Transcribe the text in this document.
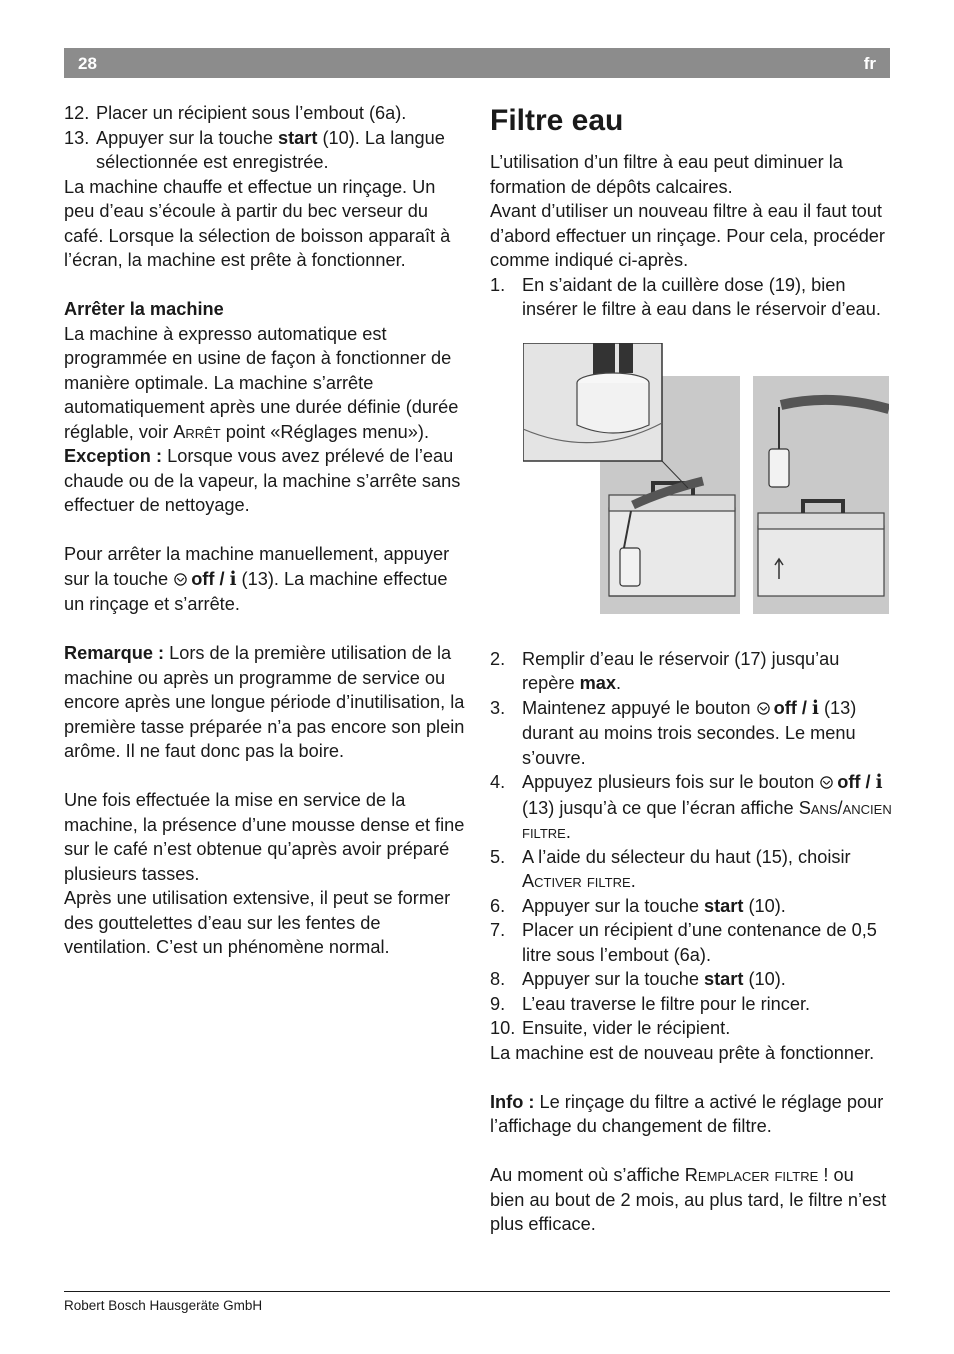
28	fr
12. Placer un récipient sous l’embout (6a).
13. Appuyer sur la touche start (10). La langue sélectionnée est enregistrée.

La machine chauffe et effectue un rinçage. Un peu d’eau s’écoule à partir du bec verseur du café. Lorsque la sélection de boisson apparaît à l’écran, la machine est prête à fonctionner.

Arrêter la machine

La machine à expresso automatique est programmée en usine de façon à fonctionner de manière optimale. La machine s’arrête automatiquement après une durée définie (durée réglable, voir Arrêt point «Réglages menu»).

Exception : Lorsque vous avez prélevé de l’eau chaude ou de la vapeur, la machine s’arrête sans effectuer de nettoyage.

Pour arrêter la machine manuellement, appuyer sur la touche off / i (13). La machine effectue un rinçage et s’arrête.

Remarque : Lors de la première utilisation de la machine ou après un programme de service ou encore après une longue période d’inutilisation, la première tasse préparée n’a pas encore son plein arôme. Il ne faut donc pas la boire.

Une fois effectuée la mise en service de la machine, la présence d’une mousse dense et fine sur le café n’est obtenue qu’après avoir préparé plusieurs tasses.

Après une utilisation extensive, il peut se former des gouttelettes d’eau sur les fentes de ventilation. C’est un phénomène normal.

Filtre eau

L’utilisation d’un filtre à eau peut diminuer la formation de dépôts calcaires.

Avant d’utiliser un nouveau filtre à eau il faut tout d’abord effectuer un rinçage. Pour cela, procéder comme indiqué ci-après.

1. En s’aidant de la cuillère dose (19), bien insérer le filtre à eau dans le réservoir d’eau.
2. Remplir d’eau le réservoir (17) jusqu’au repère max.
3. Maintenez appuyé le bouton off / i (13) durant au moins trois secondes. Le menu s’ouvre.
4. Appuyez plusieurs fois sur le bouton off / i (13) jusqu’à ce que l’écran affiche Sans/ancien filtre.
5. A l’aide du sélecteur du haut (15), choisir Activer filtre.
6. Appuyer sur la touche start (10).
7. Placer un récipient d’une contenance de 0,5 litre sous l’embout (6a).
8. Appuyer sur la touche start (10).
9. L’eau traverse le filtre pour le rincer.
10. Ensuite, vider le récipient.

La machine est de nouveau prête à fonctionner.

Info : Le rinçage du filtre a activé le réglage pour l’affichage du changement de filtre.

Au moment où s’affiche Remplacer filtre ! ou bien au bout de 2 mois, au plus tard, le filtre n’est plus efficace.

Robert Bosch Hausgeräte GmbH
